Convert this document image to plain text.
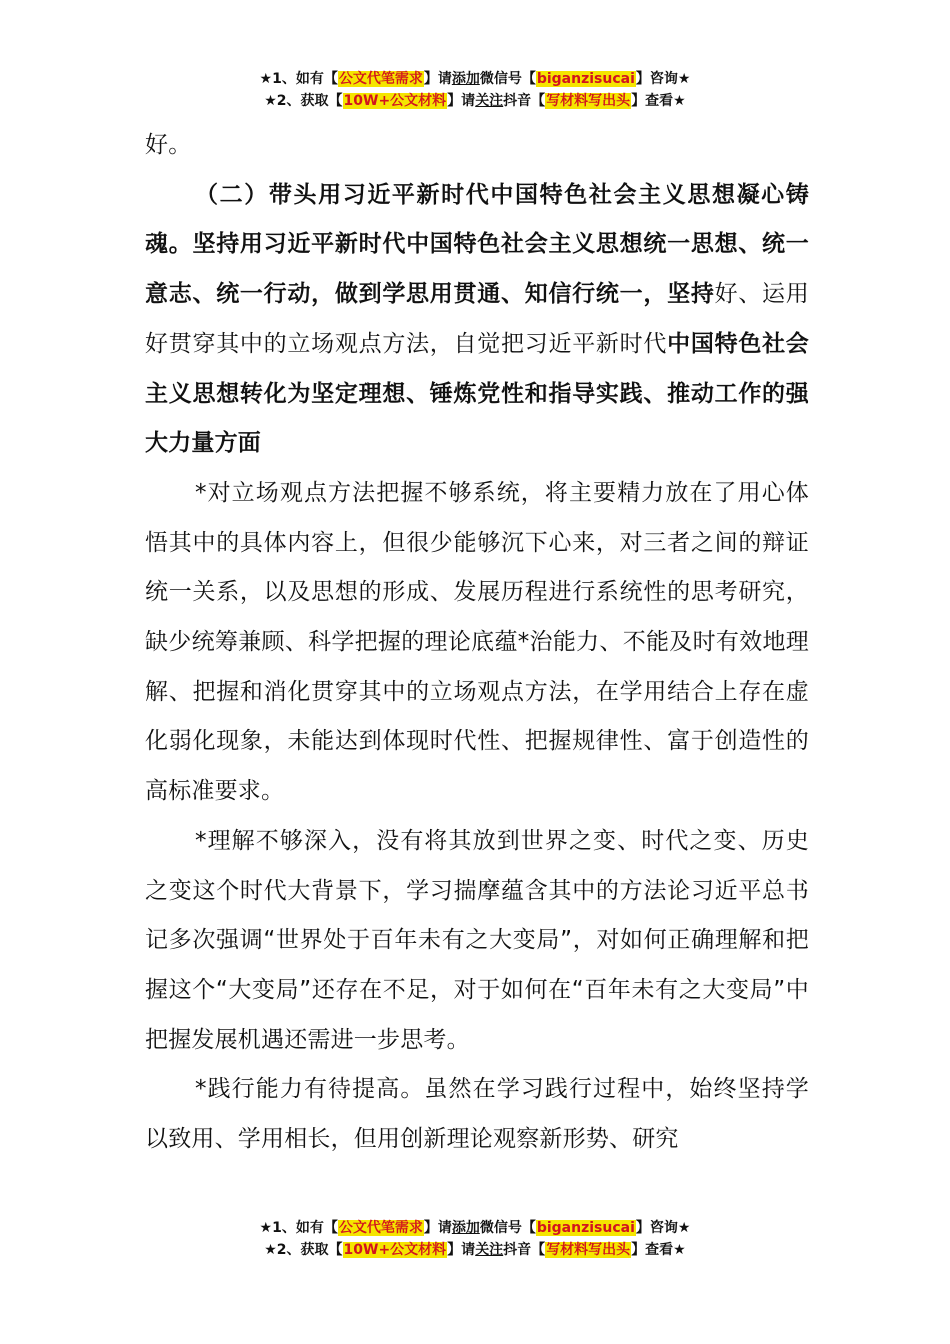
★1、如有【公文代笔需求】请添加微信号【biganzisucai】咨询★
★2、获取【10W+公文材料】请关注抖音【写材料写出头】查看★

好。

（二）带头用习近平新时代中国特色社会主义思想凝心铸魂。坚持用习近平新时代中国特色社会主义思想统一思想、统一意志、统一行动，做到学思用贯通、知信行统一，坚持好、运用好贯穿其中的立场观点方法，自觉把习近平新时代中国特色社会主义思想转化为坚定理想、锤炼党性和指导实践、推动工作的强大力量方面

*对立场观点方法把握不够系统，将主要精力放在了用心体悟其中的具体内容上，但很少能够沉下心来，对三者之间的辩证统一关系，以及思想的形成、发展历程进行系统性的思考研究，缺少统筹兼顾、科学把握的理论底蕴*治能力、不能及时有效地理解、把握和消化贯穿其中的立场观点方法，在学用结合上存在虚化弱化现象，未能达到体现时代性、把握规律性、富于创造性的高标准要求。

*理解不够深入，没有将其放到世界之变、时代之变、历史之变这个时代大背景下，学习揣摩蕴含其中的方法论习近平总书记多次强调“世界处于百年未有之大变局”，对如何正确理解和把握这个“大变局”还存在不足，对于如何在“百年未有之大变局”中把握发展机遇还需进一步思考。

*践行能力有待提高。虽然在学习践行过程中，始终坚持学以致用、学用相长，但用创新理论观察新形势、研究

★1、如有【公文代笔需求】请添加微信号【biganzisucai】咨询★
★2、获取【10W+公文材料】请关注抖音【写材料写出头】查看★
